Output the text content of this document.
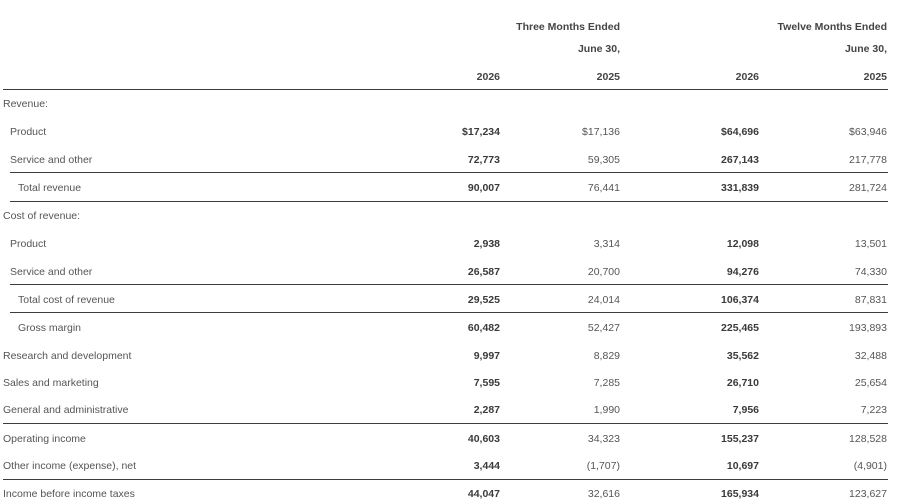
Three Months Ended
June 30,
Twelve Months Ended
June 30,
2026	2025	2026	2025
Revenue:
Product	$17,234	$17,136	$64,696	$63,946
Service and other	72,773	59,305	267,143	217,778
Total revenue	90,007	76,441	331,839	281,724
Cost of revenue:
Product	2,938	3,314	12,098	13,501
Service and other	26,587	20,700	94,276	74,330
Total cost of revenue	29,525	24,014	106,374	87,831
Gross margin	60,482	52,427	225,465	193,893
Research and development	9,997	8,829	35,562	32,488
Sales and marketing	7,595	7,285	26,710	25,654
General and administrative	2,287	1,990	7,956	7,223
Operating income	40,603	34,323	155,237	128,528
Other income (expense), net	3,444	(1,707)	10,697	(4,901)
Income before income taxes	44,047	32,616	165,934	123,627
